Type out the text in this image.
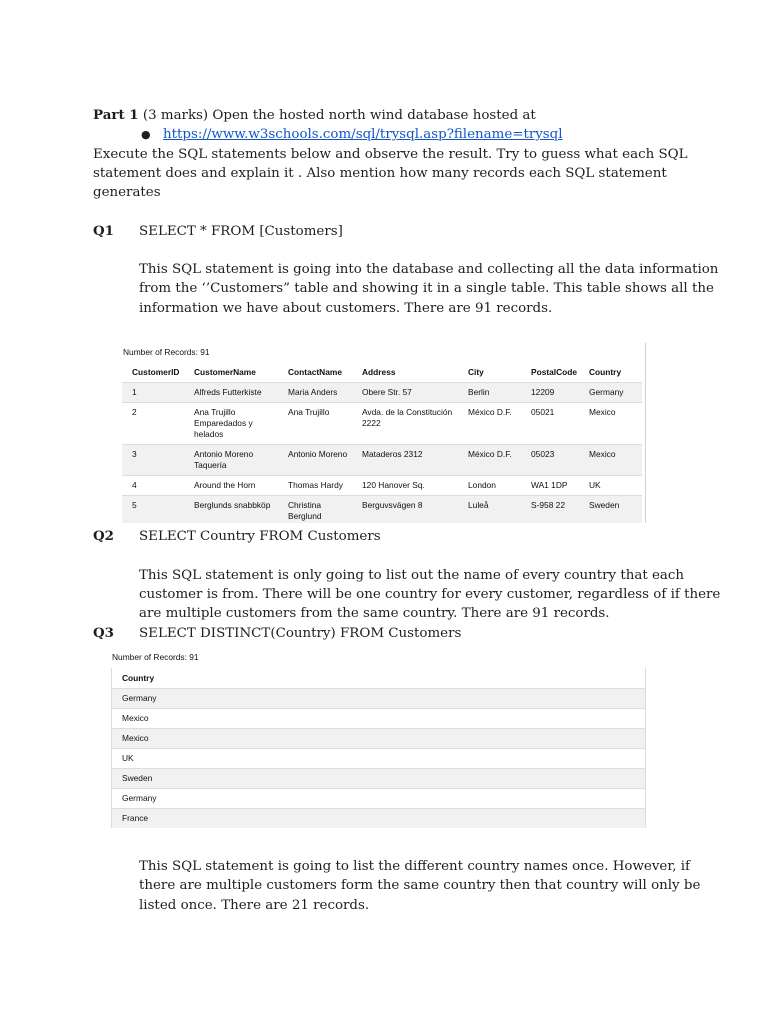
Part 1 (3 marks) Open the hosted north wind database hosted at
● https://www.w3schools.com/sql/trysql.asp?filename=trysql
Execute the SQL statements below and observe the result. Try to guess what each SQL
statement does and explain it . Also mention how many records each SQL statement
generates
Q1 SELECT * FROM [Customers]
This SQL statement is going into the database and collecting all the data information
from the ‘’Customers” table and showing it in a single table. This table shows all the
information we have about customers. There are 91 records.
Number of Records: 91
CustomerID	CustomerName	ContactName	Address	City	PostalCode	Country
1	Alfreds Futterkiste	Maria Anders	Obere Str. 57	Berlin	12209	Germany
2	Ana Trujillo
Emparedados y
helados	Ana Trujillo	Avda. de la Constitución
2222	México D.F.	05021	Mexico
3	Antonio Moreno
Taquería	Antonio Moreno	Mataderos 2312	México D.F.	05023	Mexico
4	Around the Horn	Thomas Hardy	120 Hanover Sq.	London	WA1 1DP	UK
5	Berglunds snabbköp	Christina
Berglund	Berguvsvägen 8	Luleå	S-958 22	Sweden
Q2 SELECT Country FROM Customers
This SQL statement is only going to list out the name of every country that each
customer is from. There will be one country for every customer, regardless of if there
are multiple customers from the same country. There are 91 records.
Q3 SELECT DISTINCT(Country) FROM Customers
Number of Records: 91
Country
Germany
Mexico
Mexico
UK
Sweden
Germany
France
This SQL statement is going to list the different country names once. However, if
there are multiple customers form the same country then that country will only be
listed once. There are 21 records.
